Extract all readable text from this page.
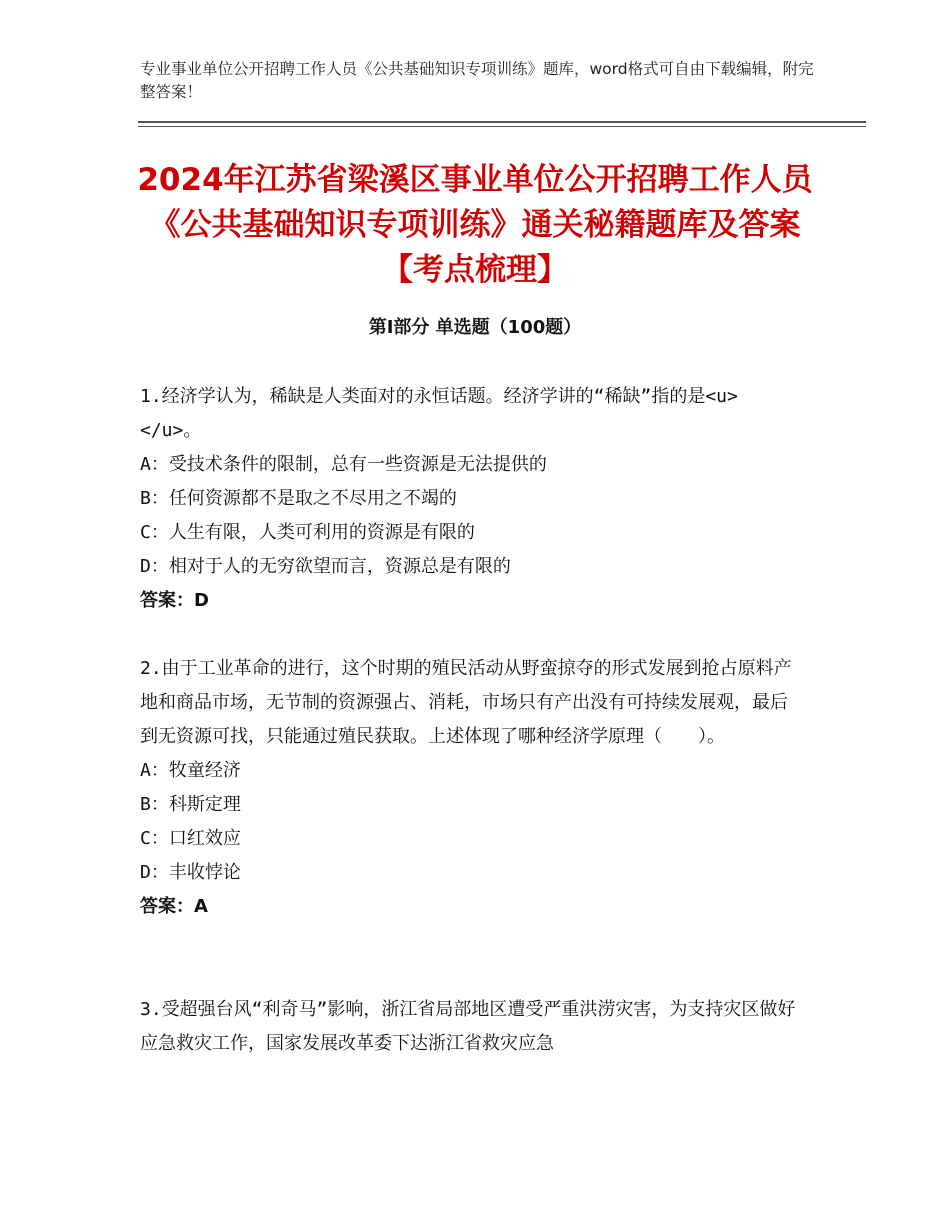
专业事业单位公开招聘工作人员《公共基础知识专项训练》题库，word格式可自由下载编辑，附完整答案！
2024年江苏省梁溪区事业单位公开招聘工作人员《公共基础知识专项训练》通关秘籍题库及答案【考点梳理】
第I部分 单选题（100题）

1.经济学认为，稀缺是人类面对的永恒话题。经济学讲的“稀缺”指的是<u> </u>。

A：受技术条件的限制，总有一些资源是无法提供的
B：任何资源都不是取之不尽用之不竭的
C：人生有限，人类可利用的资源是有限的
D：相对于人的无穷欲望而言，资源总是有限的
答案：D

2.由于工业革命的进行，这个时期的殖民活动从野蛮掠夺的形式发展到抢占原料产地和商品市场，无节制的资源强占、消耗，市场只有产出没有可持续发展观，最后到无资源可找，只能通过殖民获取。上述体现了哪种经济学原理（　　）。

A：牧童经济
B：科斯定理
C：口红效应
D：丰收悖论
答案：A

3.受超强台风“利奇马”影响，浙江省局部地区遭受严重洪涝灾害，为支持灾区做好应急救灾工作，国家发展改革委下达浙江省救灾应急
